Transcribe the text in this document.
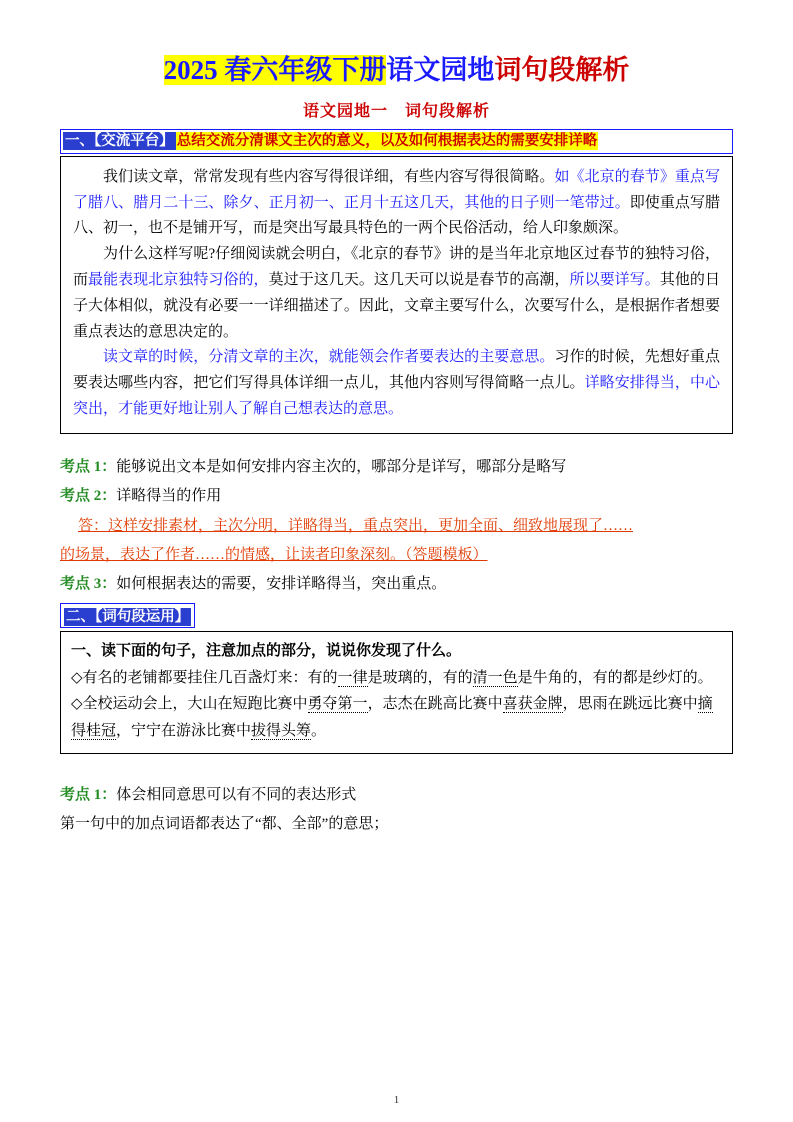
2025 春六年级下册语文园地词句段解析
语文园地一　词句段解析
一、【交流平台】 总结交流分清课文主次的意义，以及如何根据表达的需要安排详略

我们读文章，常常发现有些内容写得很详细，有些内容写得很简略。如《北京的春节》重点写了腊八、腊月二十三、除夕、正月初一、正月十五这几天，其他的日子则一笔带过。即使重点写腊八、初一，也不是铺开写，而是突出写最具特色的一两个民俗活动，给人印象颇深。

为什么这样写呢?仔细阅读就会明白，《北京的春节》讲的是当年北京地区过春节的独特习俗，而最能表现北京独特习俗的，莫过于这几天。这几天可以说是春节的高潮，所以要详写。其他的日子大体相似，就没有必要一一详细描述了。因此，文章主要写什么，次要写什么，是根据作者想要重点表达的意思决定的。

读文章的时候，分清文章的主次，就能领会作者要表达的主要意思。习作的时候，先想好重点要表达哪些内容，把它们写得具体详细一点儿，其他内容则写得简略一点儿。详略安排得当，中心突出，才能更好地让别人了解自己想表达的意思。

考点 1：能够说出文本是如何安排内容主次的，哪部分是详写，哪部分是略写
考点 2：详略得当的作用
答：这样安排素材，主次分明，详略得当，重点突出，更加全面、细致地展现了……
的场景，表达了作者……的情感，让读者印象深刻。（答题模板）
考点 3：如何根据表达的需要，安排详略得当，突出重点。
二、【词句段运用】

一、读下面的句子，注意加点的部分，说说你发现了什么。

◇有名的老铺都要挂住几百盏灯来：有的一律是玻璃的，有的清一色是牛角的，有的都是纱灯的。

◇全校运动会上，大山在短跑比赛中勇夺第一，志杰在跳高比赛中喜获金牌，思雨在跳远比赛中摘得桂冠，宁宁在游泳比赛中拔得头筹。

考点 1：体会相同意思可以有不同的表达形式
第一句中的加点词语都表达了“都、全部”的意思；
1
